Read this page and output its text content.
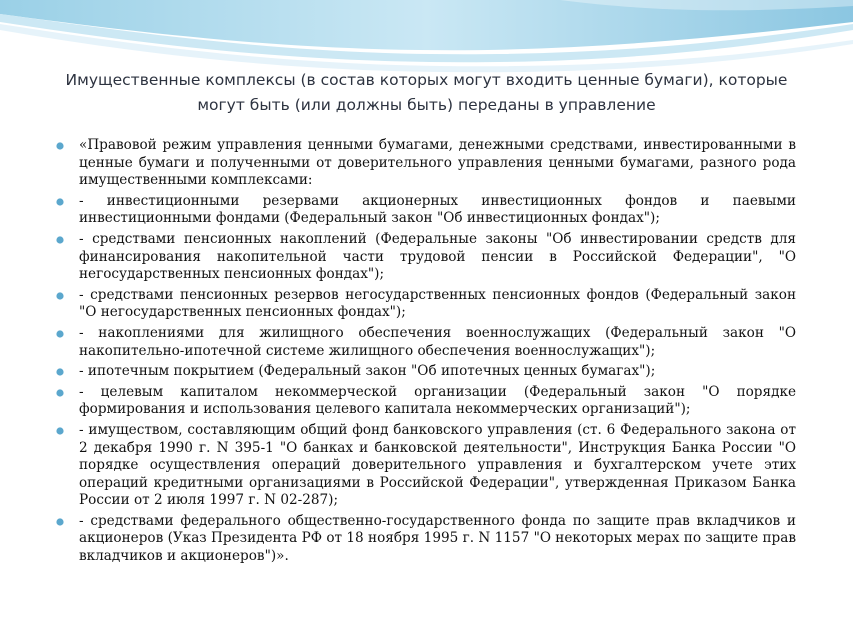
Имущественные комплексы (в состав которых могут входить ценные бумаги), которые
могут быть (или должны быть) переданы в управление
«Правовой режим управления ценными бумагами, денежными средствами, инвестированными в ценные бумаги и полученными от доверительного управления ценными бумагами, разного рода имущественными комплексами:
- инвестиционными резервами акционерных инвестиционных фондов и паевыми инвестиционными фондами (Федеральный закон "Об инвестиционных фондах");
- средствами пенсионных накоплений (Федеральные законы "Об инвестировании средств для финансирования накопительной части трудовой пенсии в Российской Федерации", "О негосударственных пенсионных фондах");
- средствами пенсионных резервов негосударственных пенсионных фондов (Федеральный закон "О негосударственных пенсионных фондах");
- накоплениями для жилищного обеспечения военнослужащих (Федеральный закон "О накопительно-ипотечной системе жилищного обеспечения военнослужащих");
- ипотечным покрытием (Федеральный закон "Об ипотечных ценных бумагах");
- целевым капиталом некоммерческой организации (Федеральный закон "О порядке формирования и использования целевого капитала некоммерческих организаций");
- имуществом, составляющим общий фонд банковского управления (ст. 6 Федерального закона от 2 декабря 1990 г. N 395-1 "О банках и банковской деятельности", Инструкция Банка России "О порядке осуществления операций доверительного управления и бухгалтерском учете этих операций кредитными организациями в Российской Федерации", утвержденная Приказом Банка России от 2 июля 1997 г. N 02-287);
- средствами федерального общественно-государственного фонда по защите прав вкладчиков и акционеров (Указ Президента РФ от 18 ноября 1995 г. N 1157 "О некоторых мерах по защите прав вкладчиков и акционеров")».
